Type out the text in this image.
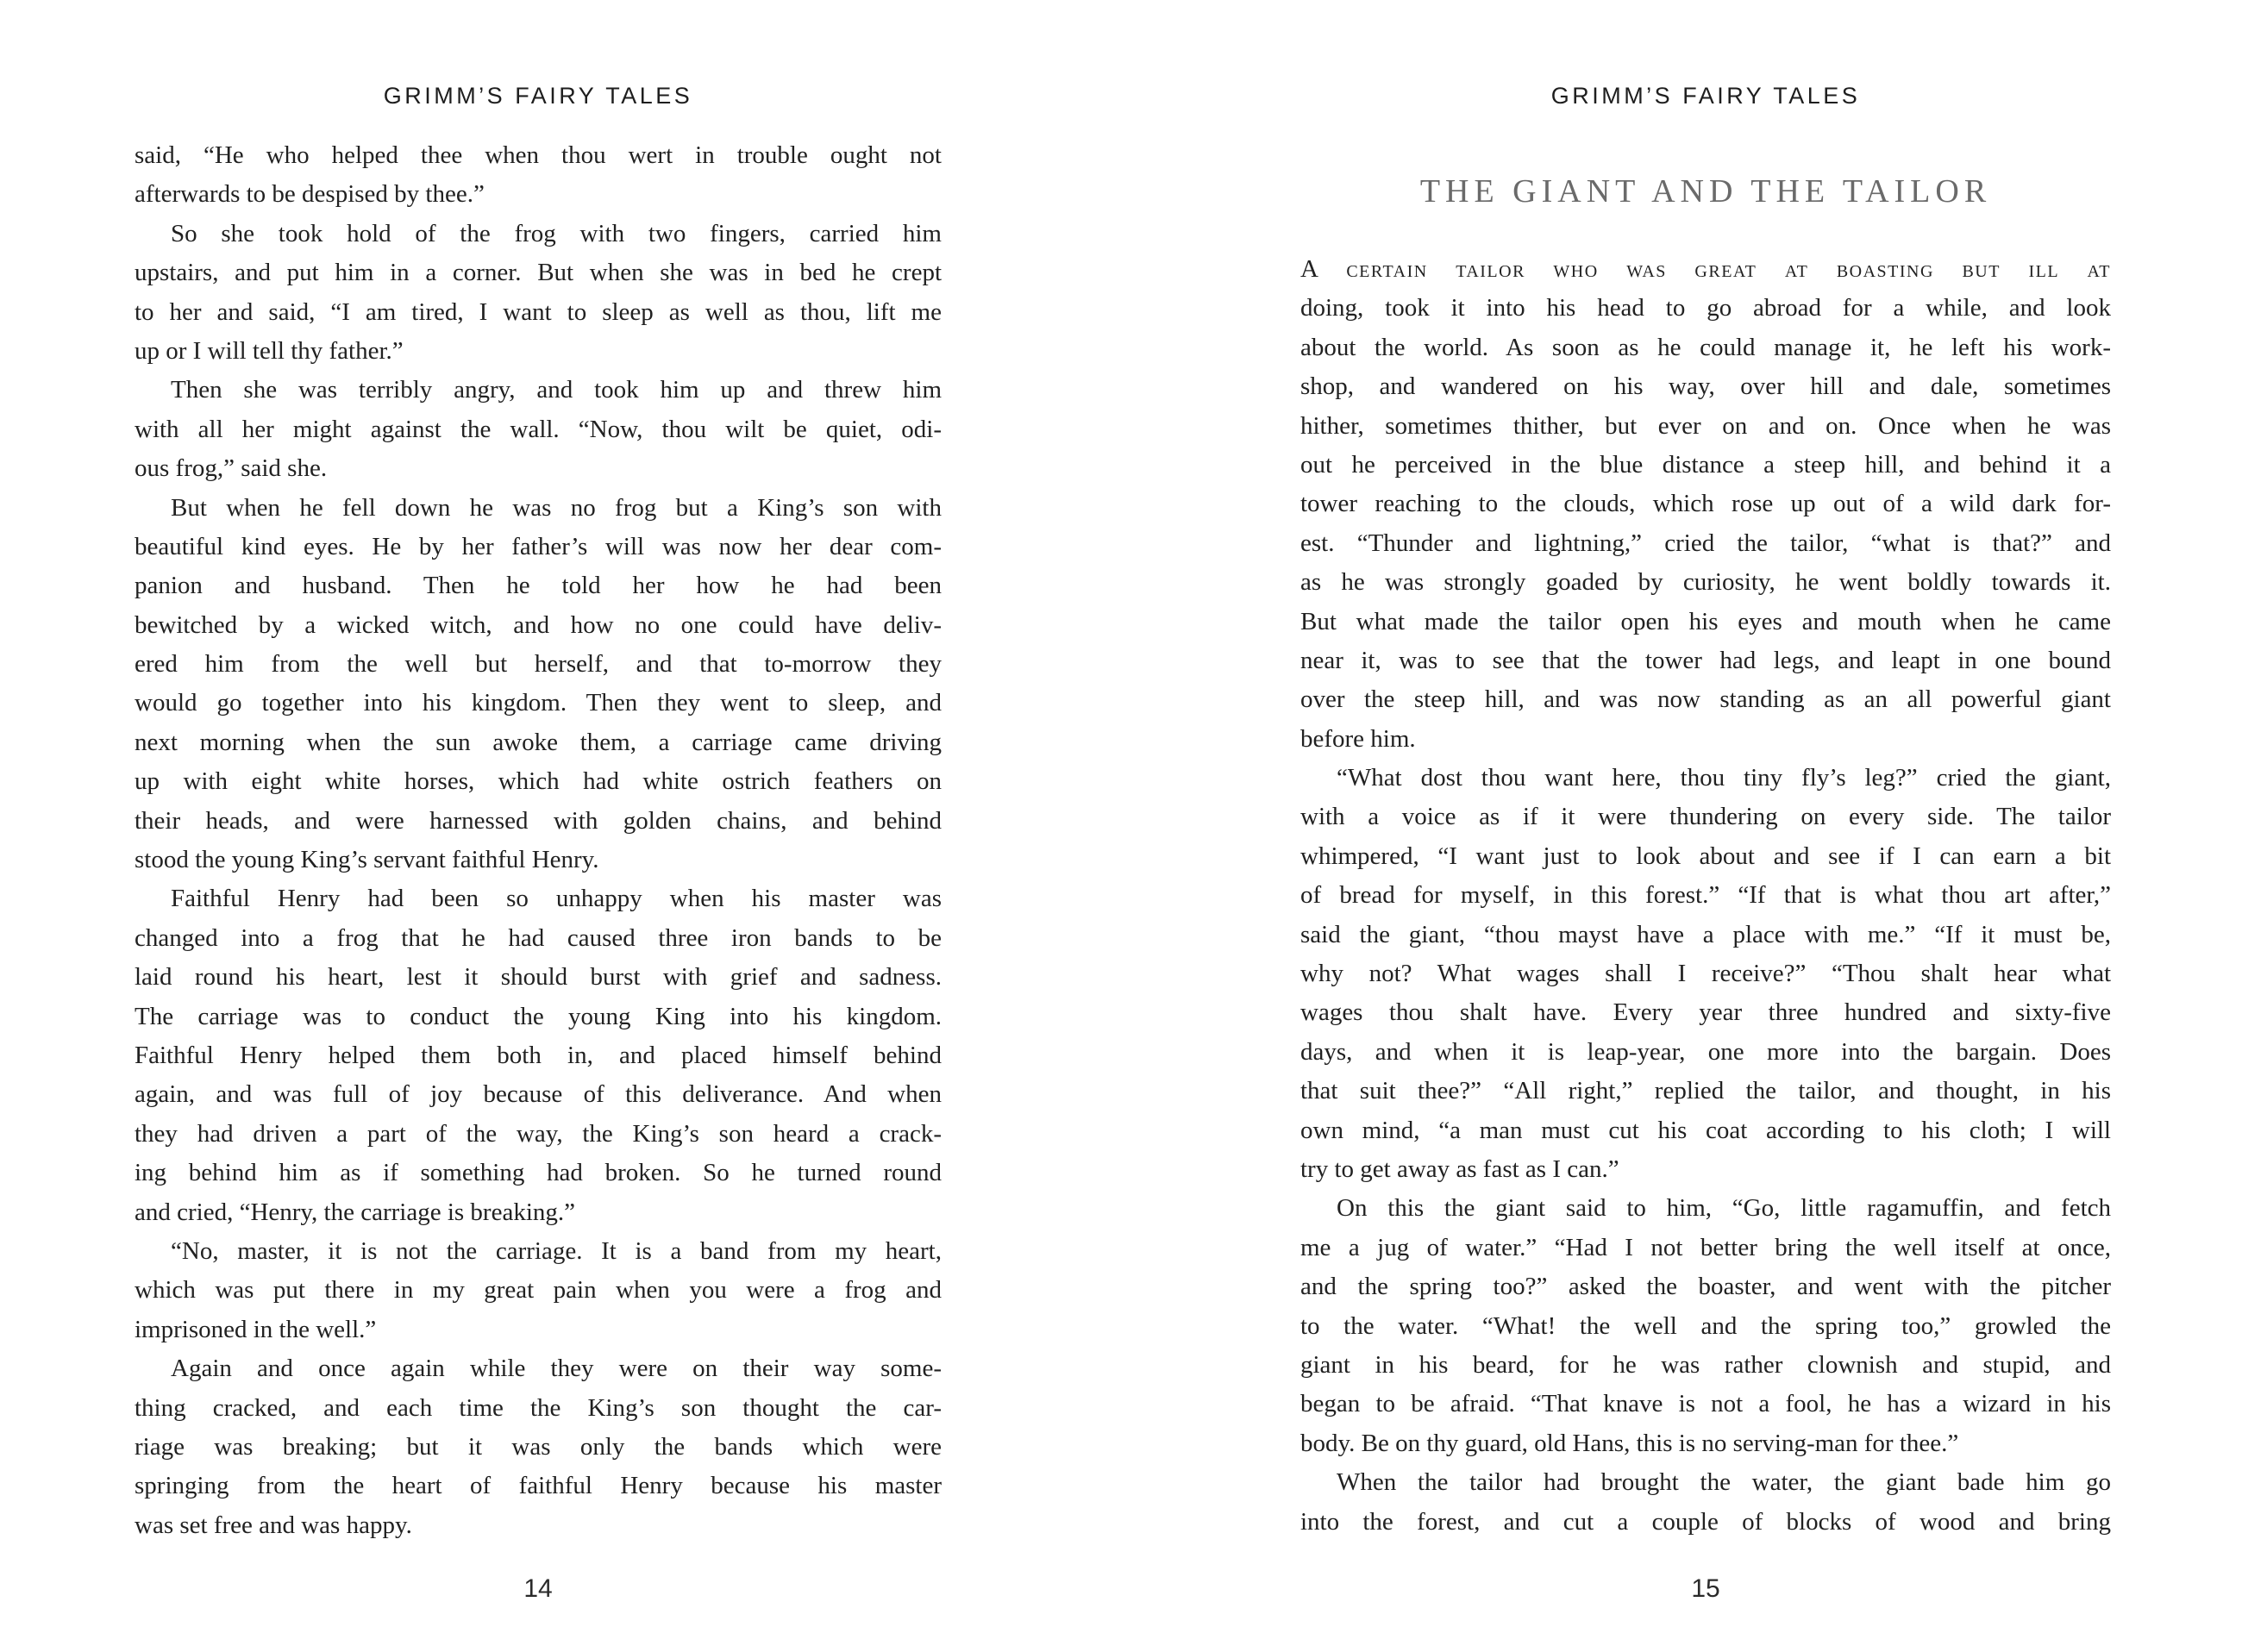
GRIMM’S FAIRY TALES
said, “He who helped thee when thou wert in trouble ought not
afterwards to be despised by thee.”
So she took hold of the frog with two fingers, carried him
upstairs, and put him in a corner. But when she was in bed he crept
to her and said, “I am tired, I want to sleep as well as thou, lift me
up or I will tell thy father.”
Then she was terribly angry, and took him up and threw him
with all her might against the wall. “Now, thou wilt be quiet, odi-
ous frog,” said she.
But when he fell down he was no frog but a King’s son with
beautiful kind eyes. He by her father’s will was now her dear com-
panion and husband. Then he told her how he had been
bewitched by a wicked witch, and how no one could have deliv-
ered him from the well but herself, and that to-morrow they
would go together into his kingdom. Then they went to sleep, and
next morning when the sun awoke them, a carriage came driving
up with eight white horses, which had white ostrich feathers on
their heads, and were harnessed with golden chains, and behind
stood the young King’s servant faithful Henry.
Faithful Henry had been so unhappy when his master was
changed into a frog that he had caused three iron bands to be
laid round his heart, lest it should burst with grief and sadness.
The carriage was to conduct the young King into his kingdom.
Faithful Henry helped them both in, and placed himself behind
again, and was full of joy because of this deliverance. And when
they had driven a part of the way, the King’s son heard a crack-
ing behind him as if something had broken. So he turned round
and cried, “Henry, the carriage is breaking.”
“No, master, it is not the carriage. It is a band from my heart,
which was put there in my great pain when you were a frog and
imprisoned in the well.”
Again and once again while they were on their way some-
thing cracked, and each time the King’s son thought the car-
riage was breaking; but it was only the bands which were
springing from the heart of faithful Henry because his master
was set free and was happy.
14
GRIMM’S FAIRY TALES
THE GIANT AND THE TAILOR
A certain tailor who was great at boasting but ill at
doing, took it into his head to go abroad for a while, and look
about the world. As soon as he could manage it, he left his work-
shop, and wandered on his way, over hill and dale, sometimes
hither, sometimes thither, but ever on and on. Once when he was
out he perceived in the blue distance a steep hill, and behind it a
tower reaching to the clouds, which rose up out of a wild dark for-
est. “Thunder and lightning,” cried the tailor, “what is that?” and
as he was strongly goaded by curiosity, he went boldly towards it.
But what made the tailor open his eyes and mouth when he came
near it, was to see that the tower had legs, and leapt in one bound
over the steep hill, and was now standing as an all powerful giant
before him.
“What dost thou want here, thou tiny fly’s leg?” cried the giant,
with a voice as if it were thundering on every side. The tailor
whimpered, “I want just to look about and see if I can earn a bit
of bread for myself, in this forest.” “If that is what thou art after,”
said the giant, “thou mayst have a place with me.” “If it must be,
why not? What wages shall I receive?” “Thou shalt hear what
wages thou shalt have. Every year three hundred and sixty-five
days, and when it is leap-year, one more into the bargain. Does
that suit thee?” “All right,” replied the tailor, and thought, in his
own mind, “a man must cut his coat according to his cloth; I will
try to get away as fast as I can.”
On this the giant said to him, “Go, little ragamuffin, and fetch
me a jug of water.” “Had I not better bring the well itself at once,
and the spring too?” asked the boaster, and went with the pitcher
to the water. “What! the well and the spring too,” growled the
giant in his beard, for he was rather clownish and stupid, and
began to be afraid. “That knave is not a fool, he has a wizard in his
body. Be on thy guard, old Hans, this is no serving-man for thee.”
When the tailor had brought the water, the giant bade him go
into the forest, and cut a couple of blocks of wood and bring
15
